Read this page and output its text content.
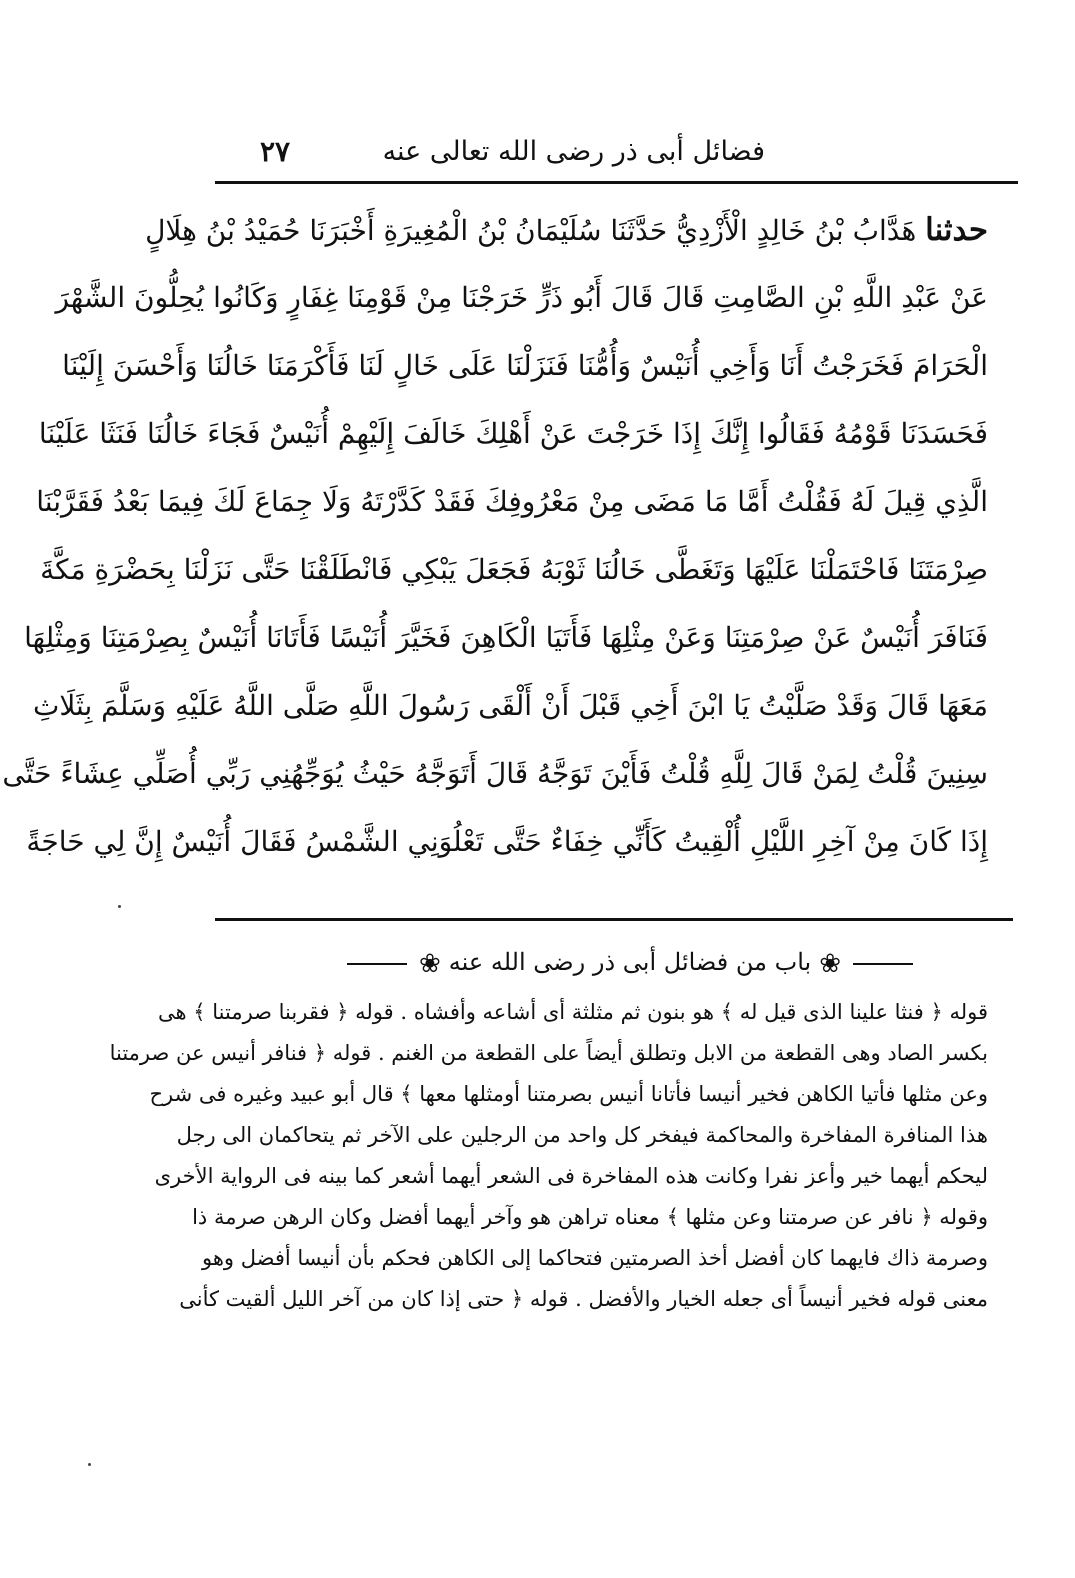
فضائل أبى ذر رضى الله تعالى عنه
٢٧
حدثنا هَدَّابُ بْنُ خَالِدٍ الْأَزْدِيُّ حَدَّثَنَا سُلَيْمَانُ بْنُ الْمُغِيرَةِ أَخْبَرَنَا حُمَيْدُ بْنُ هِلَالٍ
عَنْ عَبْدِ اللَّهِ بْنِ الصَّامِتِ قَالَ قَالَ أَبُو ذَرٍّ خَرَجْنَا مِنْ قَوْمِنَا غِفَارٍ وَكَانُوا يُحِلُّونَ الشَّهْرَ
الْحَرَامَ فَخَرَجْتُ أَنَا وَأَخِي أُنَيْسٌ وَأُمُّنَا فَنَزَلْنَا عَلَى خَالٍ لَنَا فَأَكْرَمَنَا خَالُنَا وَأَحْسَنَ إِلَيْنَا
فَحَسَدَنَا قَوْمُهُ فَقَالُوا إِنَّكَ إِذَا خَرَجْتَ عَنْ أَهْلِكَ خَالَفَ إِلَيْهِمْ أُنَيْسٌ فَجَاءَ خَالُنَا فَنَثَا عَلَيْنَا
الَّذِي قِيلَ لَهُ فَقُلْتُ أَمَّا مَا مَضَى مِنْ مَعْرُوفِكَ فَقَدْ كَدَّرْتَهُ وَلَا جِمَاعَ لَكَ فِيمَا بَعْدُ فَقَرَّبْنَا
صِرْمَتَنَا فَاحْتَمَلْنَا عَلَيْهَا وَتَغَطَّى خَالُنَا ثَوْبَهُ فَجَعَلَ يَبْكِي فَانْطَلَقْنَا حَتَّى نَزَلْنَا بِحَضْرَةِ مَكَّةَ
فَنَافَرَ أُنَيْسٌ عَنْ صِرْمَتِنَا وَعَنْ مِثْلِهَا فَأَتَيَا الْكَاهِنَ فَخَيَّرَ أُنَيْسًا فَأَتَانَا أُنَيْسٌ بِصِرْمَتِنَا وَمِثْلِهَا
مَعَهَا قَالَ وَقَدْ صَلَّيْتُ يَا ابْنَ أَخِي قَبْلَ أَنْ أَلْقَى رَسُولَ اللَّهِ صَلَّى اللَّهُ عَلَيْهِ وَسَلَّمَ بِثَلَاثِ
سِنِينَ قُلْتُ لِمَنْ قَالَ لِلَّهِ قُلْتُ فَأَيْنَ تَوَجَّهُ قَالَ أَتَوَجَّهُ حَيْثُ يُوَجِّهُنِي رَبِّي أُصَلِّي عِشَاءً حَتَّى
إِذَا كَانَ مِنْ آخِرِ اللَّيْلِ أُلْقِيتُ كَأَنِّي خِفَاءٌ حَتَّى تَعْلُوَنِي الشَّمْسُ فَقَالَ أُنَيْسٌ إِنَّ لِي حَاجَةً
❀باب من فضائل أبى ذر رضى الله عنه❀
قوله ﴿ فنثا علينا الذى قيل له ﴾ هو بنون ثم مثلثة أى أشاعه وأفشاه . قوله ﴿ فقربنا صرمتنا ﴾ هى
بكسر الصاد وهى القطعة من الابل وتطلق أيضاً على القطعة من الغنم . قوله ﴿ فنافر أنيس عن صرمتنا
وعن مثلها فأتيا الكاهن فخير أنيسا فأتانا أنيس بصرمتنا أومثلها معها ﴾ قال أبو عبيد وغيره فى شرح
هذا المنافرة المفاخرة والمحاكمة فيفخر كل واحد من الرجلين على الآخر ثم يتحاكمان الى رجل
ليحكم أيهما خير وأعز نفرا وكانت هذه المفاخرة فى الشعر أيهما أشعر كما بينه فى الرواية الأخرى
وقوله ﴿ نافر عن صرمتنا وعن مثلها ﴾ معناه تراهن هو وآخر أيهما أفضل وكان الرهن صرمة ذا
وصرمة ذاك فايهما كان أفضل أخذ الصرمتين فتحاكما إلى الكاهن فحكم بأن أنيسا أفضل وهو
معنى قوله فخير أنيساً أى جعله الخيار والأفضل . قوله ﴿ حتى إذا كان من آخر الليل ألقيت كأنى
